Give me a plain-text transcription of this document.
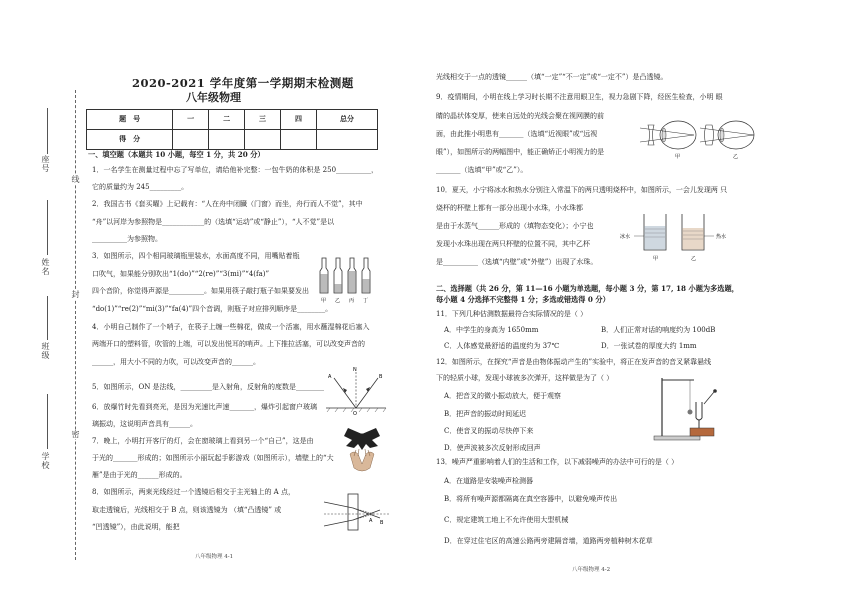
座号
姓名
班级
学校
线
封
密
2020-2021 学年度第一学期期末检测题
八年级物理
题　号	一	二	三	四	总分
得　分					
一、填空题（本题共 10 小题，每空 1 分，共 20 分）
1．一名学生在测量过程中忘了写单位，请给他补完整：一包牛奶的体积是 250__________，
它的质量约为 245_________。
2．我国古书《套买曜》上记载有：“人在舟中闭臓（门窗）而坐，舟行而人不觉”，其中
“舟”以河岸为参照物是____________的（选填“运动”或“静止”），“人不觉”是以
__________为参照物。
3．如图所示，四个相同玻璃瓶里装水，水面高度不同，用嘴贴着瓶
口吹气，如果能分别吹出“1(do)”“2(re)”“3(mi)”“4(fa)”
四个音阶，你觉得声源是__________。如果用筷子敲打瓶子如果要发出
“do(1)”“re(2)”“mi(3)”“fa(4)”四个音调，则瓶子对应排列顺序是________。
4．小明自己制作了一个哨子，在筷子上缠一些棉花，做成一个活塞，用水蘸湿棉花后塞入
两端开口的塑料管，吹管的上端，可以发出悦耳的哨声。上下推拉活塞，可以改变声音的
______，用大小不同的力吹，可以改变声音的______。
5．如图所示，ON 是法线，_________是入射角，反射角的度数是________
6．放爆竹时先看到亮光，是因为光速比声速_______，爆炸引起窗户玻璃
璃振动，这说明声音具有______。
7．晚上，小明打开客厅的灯，会在窗玻璃上看到另一个“自己”，这是由
于光的_______形成的；如图所示小丽玩起手影游戏（如图所示），墙壁上的“大
雁”是由于光的______形成的。
8．如图所示，两束光线经过一个透镜后相交于主光轴上的 A 点，
取走透镜后，光线相交于 B 点，则该透镜为 （填“凸透镜” 或
“凹透镜”），由此说明，能把
甲 乙 丙 丁
A
N
B
O
A B
八年级物理 4-1
光线相交于一点的透镜______（填“一定”“不一定”或“一定不”）是凸透镜。
9．疫情期间，小明在线上学习时长期不注意用眼卫生，视力急剧下降，经医生检查，小明 眼
睛的晶状体变厚，使来自远处的光线会聚在视网膜的前
面，由此推小明患有_______（选填“近视眼”或“远视
眼”），如图所示的两幅图中，能正确矫正小明视力的是
_______（选填“甲”或“乙”）。
甲	乙
10．夏天，小宁将冰水和热水分别注入常温下的两只透明烧杯中，如图所示，一会儿发现两 只
烧杯的杯壁上都有一部分出现小水珠，小水珠都
是由于水蒸气______形成的（填物态变化）；小宁也
发现小水珠出现在两只杯壁的位置不同，其中乙杯
是__________（选填“内壁”或“外壁”）出现了水珠。
冰水	热水
甲	乙
二、选择题（共 26 分，第 11—16 小题为单选题，每小题 3 分，第 17, 18 小题为多选题，
每小题 4 分选择不完整得 1 分；多选或错选得 0 分）
11．下列几种估测数据最符合实际情况的是（ ）
A．中学生的身高为 1650mm	B．人们正常对话的响度约为 100dB
C．人体感觉最舒适的温度约为 37℃	D．一张试卷的厚度大约 1mm
12．如图所示，在探究“声音是由物体振动产生的”实验中，将正在发声音的音叉紧靠悬线
下的轻质小球，发现小球被多次弹开，这样做是为了（ ）
A．把音叉的微小振动放大，便于观察
B．把声音的振动时间延迟
C．使音叉的振动尽快停下来
D．使声波被多次反射形成回声
13．噪声严重影响着人们的生活和工作，以下减弱噪声的办法中可行的是（ ）
A．在道路是安装噪声检测器
B．将所有噪声源都隔离在真空容器中，以避免噪声传出
C．规定建筑工地上不允许使用大型机械
D．在穿过住宅区的高速公路两旁建隔音墙，道路两旁植种树木花草
八年级物理 4-2
